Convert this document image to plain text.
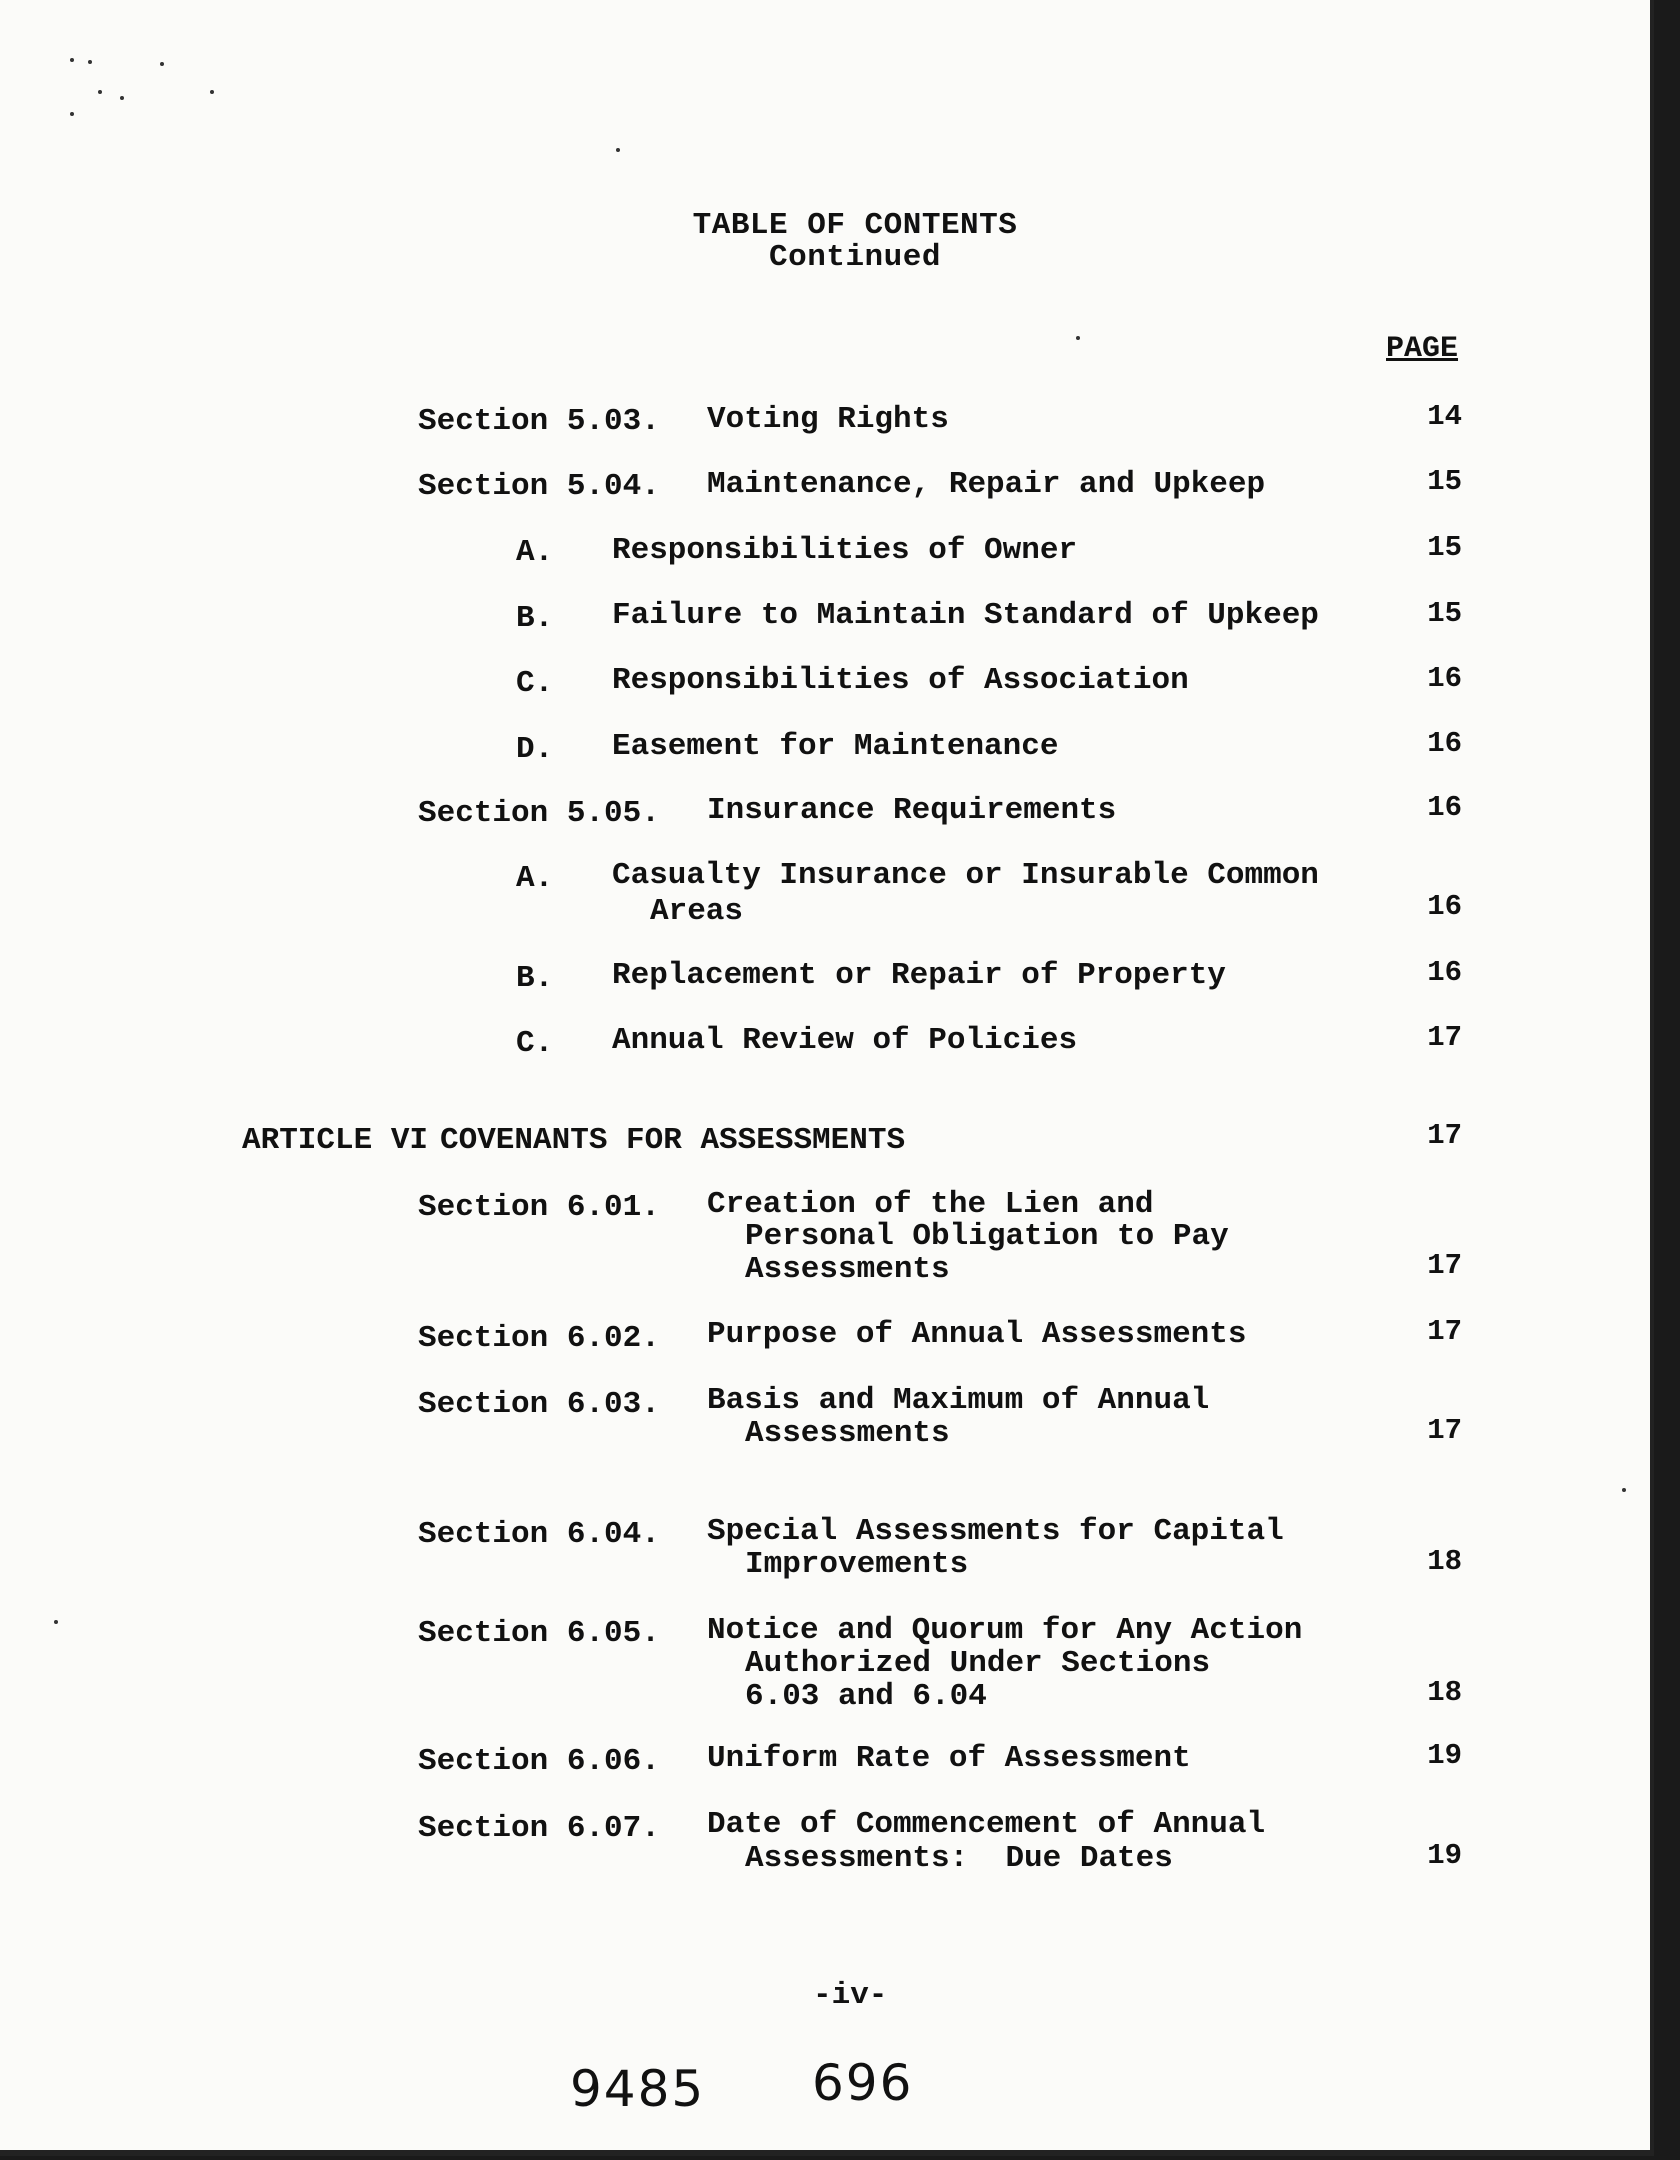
TABLE OF CONTENTS
Continued
PAGE
Section 5.03. Voting Rights	14
Section 5.04. Maintenance, Repair and Upkeep	15
A. Responsibilities of Owner	15
B. Failure to Maintain Standard of Upkeep	15
C. Responsibilities of Association	16
D. Easement for Maintenance	16
Section 5.05. Insurance Requirements	16
A. Casualty Insurance or Insurable Common
Areas	16
B. Replacement or Repair of Property	16
C. Annual Review of Policies	17
ARTICLE VI COVENANTS FOR ASSESSMENTS	17
Section 6.01. Creation of the Lien and
Personal Obligation to Pay
Assessments	17
Section 6.02. Purpose of Annual Assessments	17
Section 6.03. Basis and Maximum of Annual
Assessments	17
Section 6.04. Special Assessments for Capital
Improvements	18
Section 6.05. Notice and Quorum for Any Action
Authorized Under Sections
6.03 and 6.04	18
Section 6.06. Uniform Rate of Assessment	19
Section 6.07. Date of Commencement of Annual
Assessments:  Due Dates	19
-iv-
9485 696
